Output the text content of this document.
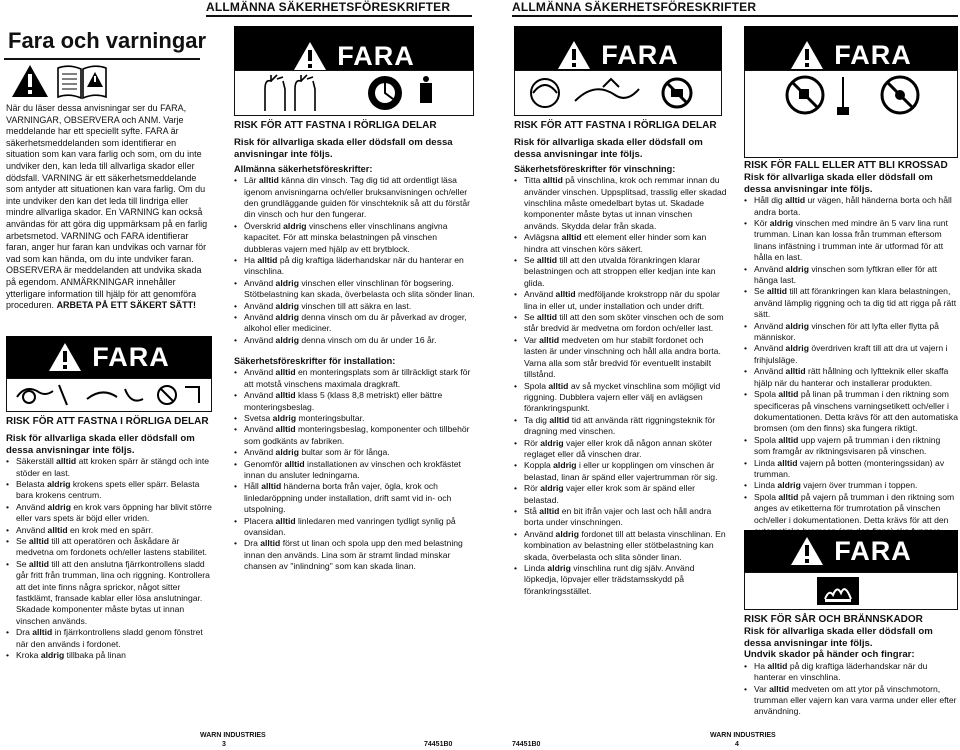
ALLMÄNNA SÄKERHETSFÖRESKRIFTER	ALLMÄNNA SÄKERHETSFÖRESKRIFTER
Fara och varningar
När du läser dessa anvisningar ser du FARA, VARNINGAR, OBSERVERA och ANM. Varje meddelande har ett speciellt syfte. FARA är säkerhetsmeddelanden som identifierar en situation som kan vara farlig och som, om du inte undviker den, kan leda till allvarliga skador eller dödsfall. VARNING är ett säkerhetsmeddelande som antyder att situationen kan vara farlig. Om du inte undviker den kan det leda till lindriga eller mindre allvarliga skador. En VARNING kan också användas för att göra dig uppmärksam på en farlig arbetsmetod. VARNING och FARA identifierar faran, anger hur faran kan undvikas och varnar för vad som kan hända, om du inte undviker faran. OBSERVERA är meddelanden att undvika skada på egendom. ANMÄRKNINGAR innehåller ytterligare information till hjälp för att genomföra proceduren. ARBETA PÅ ETT SÄKERT SÄTT!
FARA
RISK FÖR ATT FASTNA I RÖRLIGA DELAR
Risk för allvarliga skada eller dödsfall om dessa anvisningar inte följs.
• Säkerställ alltid att kroken spärr är stängd och inte stöder en last.
• Belasta aldrig krokens spets eller spärr. Belasta bara krokens centrum.
• Använd aldrig en krok vars öppning har blivit större eller vars spets är böjd eller vriden.
• Använd alltid en krok med en spärr.
• Se alltid till att operatören och åskådare är medvetna om fordonets och/eller lastens stabilitet.
• Se alltid till att den anslutna fjärrkontrollens sladd går fritt från trumman, lina och riggning. Kontrollera att det inte finns några sprickor, något sitter fastklämt, fransade kablar eller lösa anslutningar. Skadade komponenter måste bytas ut innan vinschen används.
• Dra alltid in fjärrkontrollens sladd genom fönstret när den används i fordonet.
• Kroka aldrig tillbaka på linan
FARA
RISK FÖR ATT FASTNA I RÖRLIGA DELAR
Risk för allvarliga skada eller dödsfall om dessa anvisningar inte följs.
Allmänna säkerhetsföreskrifter:
• Lär alltid känna din vinsch. Tag dig tid att ordentligt läsa igenom anvisningarna och/eller bruksanvisningen och/eller den grundläggande guiden för vinschteknik så att du förstår din vinsch och hur den fungerar.
• Överskrid aldrig vinschens eller vinschlinans angivna kapacitet. För att minska belastningen på vinschen dubbleras vajern med hjälp av ett brytblock.
• Ha alltid på dig kraftiga läderhandskar när du hanterar en vinschlina.
• Använd aldrig vinschen eller vinschlinan för bogsering. Stötbelastning kan skada, överbelasta och slita sönder linan.
• Använd aldrig vinschen till att säkra en last.
• Använd aldrig denna vinsch om du är påverkad av droger, alkohol eller mediciner.
• Använd aldrig denna vinsch om du är under 16 år.
Säkerhetsföreskrifter för installation:
• Använd alltid en monteringsplats som är tillräckligt stark för att motstå vinschens maximala dragkraft.
• Använd alltid klass 5 (klass 8,8 metriskt) eller bättre monteringsbeslag.
• Svetsa aldrig monteringsbultar.
• Använd alltid monteringsbeslag, komponenter och tillbehör som godkänts av fabriken.
• Använd aldrig bultar som är för långa.
• Genomför alltid installationen av vinschen och krokfästet innan du ansluter ledningarna.
• Håll alltid händerna borta från vajer, ögla, krok och linledaröppning under installation, drift samt vid in- och utspolning.
• Placera alltid linledaren med vanringen tydligt synlig på ovansidan.
• Dra alltid först ut linan och spola upp den med belastning innan den används. Lina som är stramt lindad minskar chansen av "inlindning" som kan skada linan.
FARA
RISK FÖR ATT FASTNA I RÖRLIGA DELAR
Risk för allvarliga skada eller dödsfall om dessa anvisningar inte följs.
Säkerhetsföreskrifter för vinschning:
• Titta alltid på vinschlina, krok och remmar innan du använder vinschen. Uppsplitsad, trasslig eller skadad vinschlina måste omedelbart bytas ut. Skadade komponenter måste bytas ut innan vinschen används. Skydda delar från skada.
• Avlägsna alltid ett element eller hinder som kan hindra att vinschen körs säkert.
• Se alltid till att den utvalda förankringen klarar belastningen och att stroppen eller kedjan inte kan glida.
• Använd alltid medföljande krokstropp när du spolar lina in eller ut, under installation och under drift.
• Se alltid till att den som sköter vinschen och de som står bredvid är medvetna om fordon och/eller last.
• Var alltid medveten om hur stabilt fordonet och lasten är under vinschning och håll alla andra borta. Varna alla som står bredvid för eventuellt instabilt tillstånd.
• Spola alltid av så mycket vinschlina som möjligt vid riggning. Dubblera vajern eller välj en avlägsen förankringspunkt.
• Ta dig alltid tid att använda rätt riggningsteknik för dragning med vinschen.
• Rör aldrig vajer eller krok då någon annan sköter reglaget eller då vinschen drar.
• Koppla aldrig i eller ur kopplingen om vinschen är belastad, linan är spänd eller vajertrumman rör sig.
• Rör aldrig vajer eller krok som är spänd eller belastad.
• Stå alltid en bit ifrån vajer och last och håll andra borta under vinschningen.
• Använd aldrig fordonet till att belasta vinschlinan. En kombination av belastning eller stötbelastning kan skada, överbelasta och slita sönder linan.
• Linda aldrig vinschlina runt dig själv. Använd löpkedja, löpvajer eller trädstamsskydd på förankringsstället.
FARA
RISK FÖR FALL ELLER ATT BLI KROSSAD
Risk för allvarliga skada eller dödsfall om dessa anvisningar inte följs.
• Håll dig alltid ur vägen, håll händerna borta och håll andra borta.
• Kör aldrig vinschen med mindre än 5 varv lina runt trumman. Linan kan lossa från trumman eftersom linans infästning i trumman inte är utformad för att hålla en last.
• Använd aldrig vinschen som lyftkran eller för att hänga last.
• Se alltid till att förankringen kan klara belastningen, använd lämplig riggning och ta dig tid att rigga på rätt sätt.
• Använd aldrig vinschen för att lyfta eller flytta på människor.
• Använd aldrig överdriven kraft till att dra ut vajern i frihjulsläge.
• Använd alltid rätt hållning och lyftteknik eller skaffa hjälp när du hanterar och installerar produkten.
• Spola alltid på linan på trumman i den riktning som specificeras på vinschens varningsetikett och/eller i dokumentationen. Detta krävs för att den automatiska bromsen (om den finns) ska fungera riktigt.
• Spola alltid upp vajern på trumman i den riktning som framgår av riktningsvisaren på vinschen.
• Linda alltid vajern på botten (monteringssidan) av trumman.
• Linda aldrig vajern över trumman i toppen.
• Spola alltid på vajern på trumman i den riktning som anges av etiketterna för trumrotation på vinschen och/eller i dokumentationen. Detta krävs för att den
FARA
RISK FÖR SÅR OCH BRÄNNSKADOR
Risk för allvarliga skada eller dödsfall om dessa anvisningar inte följs.
Undvik skador på händer och fingrar:
• Ha alltid på dig kraftiga läderhandskar när du hanterar en vinschlina.
• Var alltid medveten om att ytor på vinschmotorn, trumman eller vajern kan vara varma under eller efter användning.
WARN INDUSTRIES
3	74451B0	74451B0
WARN INDUSTRIES
4
